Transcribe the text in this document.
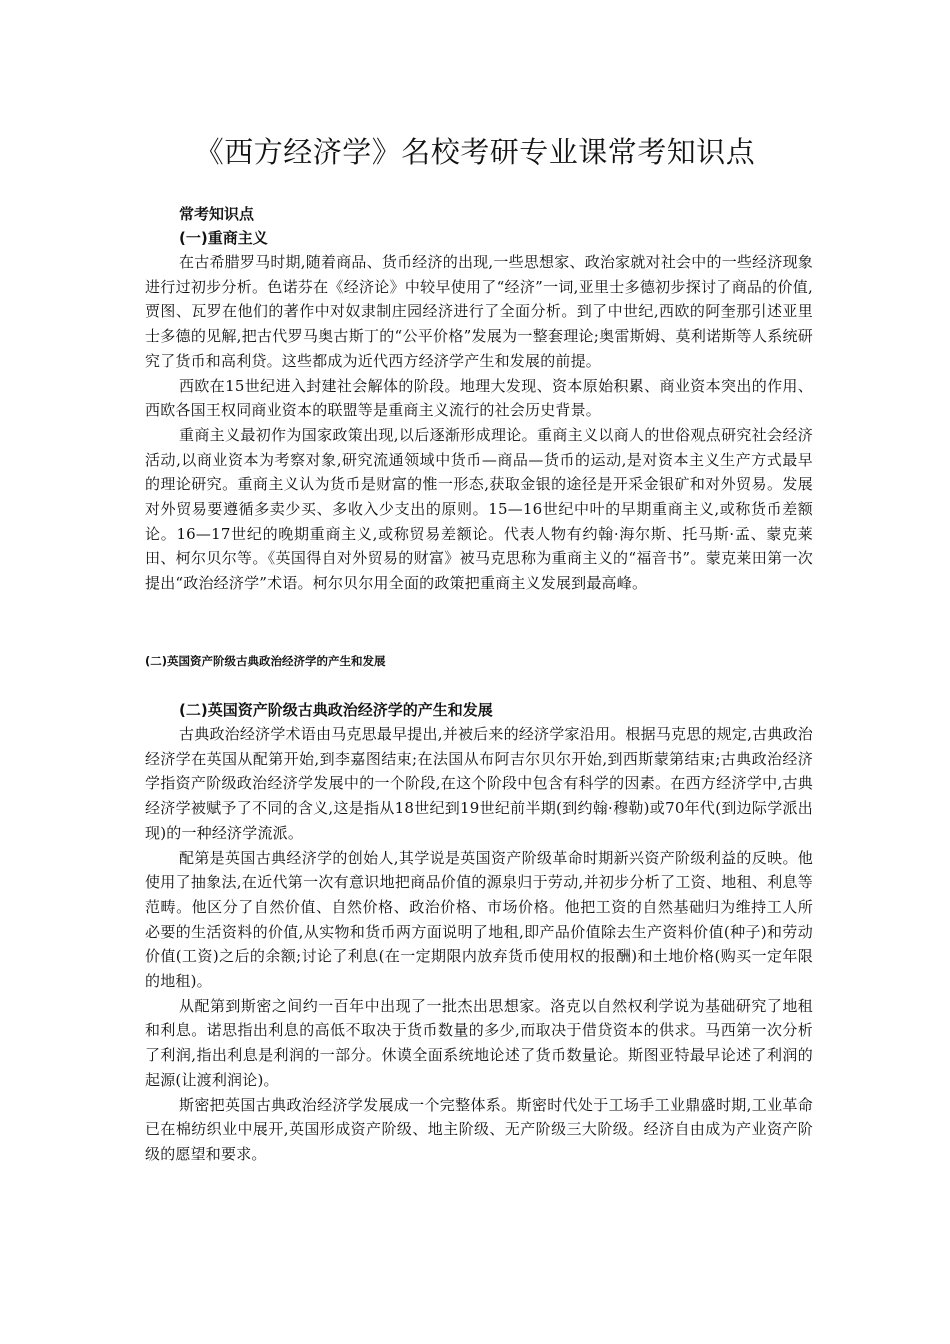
《西方经济学》名校考研专业课常考知识点

常考知识点

(一)重商主义

在古希腊罗马时期,随着商品、货币经济的出现,一些思想家、政治家就对社会中的一些经济现象进行过初步分析。色诺芬在《经济论》中较早使用了“经济”一词,亚里士多德初步探讨了商品的价值,贾图、瓦罗在他们的著作中对奴隶制庄园经济进行了全面分析。到了中世纪,西欧的阿奎那引述亚里士多德的见解,把古代罗马奥古斯丁的“公平价格”发展为一整套理论;奥雷斯姆、莫利诺斯等人系统研究了货币和高利贷。这些都成为近代西方经济学产生和发展的前提。

西欧在15世纪进入封建社会解体的阶段。地理大发现、资本原始积累、商业资本突出的作用、西欧各国王权同商业资本的联盟等是重商主义流行的社会历史背景。

重商主义最初作为国家政策出现,以后逐渐形成理论。重商主义以商人的世俗观点研究社会经济活动,以商业资本为考察对象,研究流通领域中货币—商品—货币的运动,是对资本主义生产方式最早的理论研究。重商主义认为货币是财富的惟一形态,获取金银的途径是开采金银矿和对外贸易。发展对外贸易要遵循多卖少买、多收入少支出的原则。15—16世纪中叶的早期重商主义,或称货币差额论。16—17世纪的晚期重商主义,或称贸易差额论。代表人物有约翰·海尔斯、托马斯·孟、蒙克莱田、柯尔贝尔等。《英国得自对外贸易的财富》被马克思称为重商主义的“福音书”。蒙克莱田第一次提出“政治经济学”术语。柯尔贝尔用全面的政策把重商主义发展到最高峰。

(二)英国资产阶级古典政治经济学的产生和发展

(二)英国资产阶级古典政治经济学的产生和发展

古典政治经济学术语由马克思最早提出,并被后来的经济学家沿用。根据马克思的规定,古典政治经济学在英国从配第开始,到李嘉图结束;在法国从布阿吉尔贝尔开始,到西斯蒙第结束;古典政治经济学指资产阶级政治经济学发展中的一个阶段,在这个阶段中包含有科学的因素。在西方经济学中,古典经济学被赋予了不同的含义,这是指从18世纪到19世纪前半期(到约翰·穆勒)或70年代(到边际学派出现)的一种经济学流派。

配第是英国古典经济学的创始人,其学说是英国资产阶级革命时期新兴资产阶级利益的反映。他使用了抽象法,在近代第一次有意识地把商品价值的源泉归于劳动,并初步分析了工资、地租、利息等范畴。他区分了自然价值、自然价格、政治价格、市场价格。他把工资的自然基础归为维持工人所必要的生活资料的价值,从实物和货币两方面说明了地租,即产品价值除去生产资料价值(种子)和劳动价值(工资)之后的余额;讨论了利息(在一定期限内放弃货币使用权的报酬)和土地价格(购买一定年限的地租)。

从配第到斯密之间约一百年中出现了一批杰出思想家。洛克以自然权利学说为基础研究了地租和利息。诺思指出利息的高低不取决于货币数量的多少,而取决于借贷资本的供求。马西第一次分析了利润,指出利息是利润的一部分。休谟全面系统地论述了货币数量论。斯图亚特最早论述了利润的起源(让渡利润论)。

斯密把英国古典政治经济学发展成一个完整体系。斯密时代处于工场手工业鼎盛时期,工业革命已在棉纺织业中展开,英国形成资产阶级、地主阶级、无产阶级三大阶级。经济自由成为产业资产阶级的愿望和要求。
